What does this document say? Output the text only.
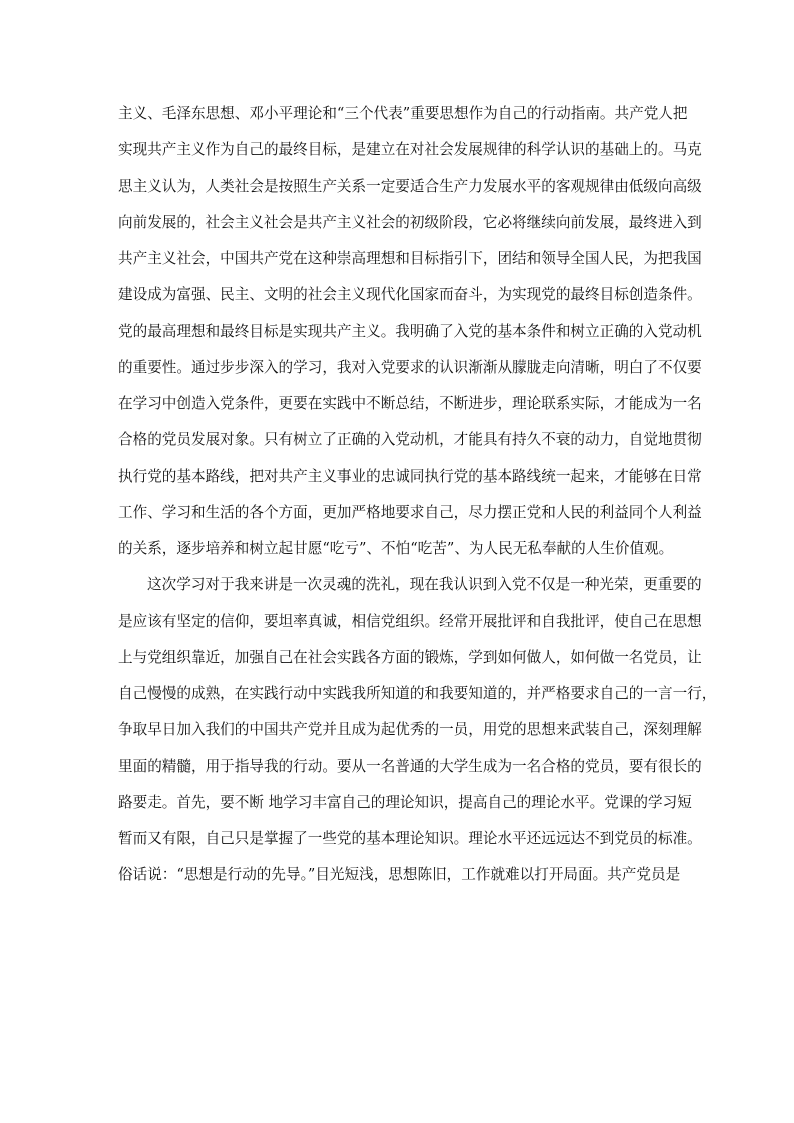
主义、毛泽东思想、邓小平理论和“三个代表”重要思想作为自己的行动指南。共产党人把
实现共产主义作为自己的最终目标，是建立在对社会发展规律的科学认识的基础上的。马克
思主义认为，人类社会是按照生产关系一定要适合生产力发展水平的客观规律由低级向高级
向前发展的，社会主义社会是共产主义社会的初级阶段，它必将继续向前发展，最终进入到
共产主义社会，中国共产党在这种崇高理想和目标指引下，团结和领导全国人民，为把我国
建设成为富强、民主、文明的社会主义现代化国家而奋斗，为实现党的最终目标创造条件。
党的最高理想和最终目标是实现共产主义。我明确了入党的基本条件和树立正确的入党动机
的重要性。通过步步深入的学习，我对入党要求的认识渐渐从朦胧走向清晰，明白了不仅要
在学习中创造入党条件，更要在实践中不断总结，不断进步，理论联系实际，才能成为一名
合格的党员发展对象。只有树立了正确的入党动机，才能具有持久不衰的动力，自觉地贯彻
执行党的基本路线，把对共产主义事业的忠诚同执行党的基本路线统一起来，才能够在日常
工作、学习和生活的各个方面，更加严格地要求自己，尽力摆正党和人民的利益同个人利益
的关系，逐步培养和树立起甘愿“吃亏”、不怕“吃苦”、为人民无私奉献的人生价值观。
这次学习对于我来讲是一次灵魂的洗礼，现在我认识到入党不仅是一种光荣，更重要的
是应该有坚定的信仰，要坦率真诚，相信党组织。经常开展批评和自我批评，使自己在思想
上与党组织靠近，加强自己在社会实践各方面的锻炼，学到如何做人，如何做一名党员，让
自己慢慢的成熟，在实践行动中实践我所知道的和我要知道的，并严格要求自己的一言一行，
争取早日加入我们的中国共产党并且成为起优秀的一员，用党的思想来武装自己，深刻理解
里面的精髓，用于指导我的行动。要从一名普通的大学生成为一名合格的党员，要有很长的
路要走。首先，要不断 地学习丰富自己的理论知识，提高自己的理论水平。党课的学习短
暂而又有限，自己只是掌握了一些党的基本理论知识。理论水平还远远达不到党员的标准。
俗话说：“思想是行动的先导。”目光短浅，思想陈旧，工作就难以打开局面。共产党员是
